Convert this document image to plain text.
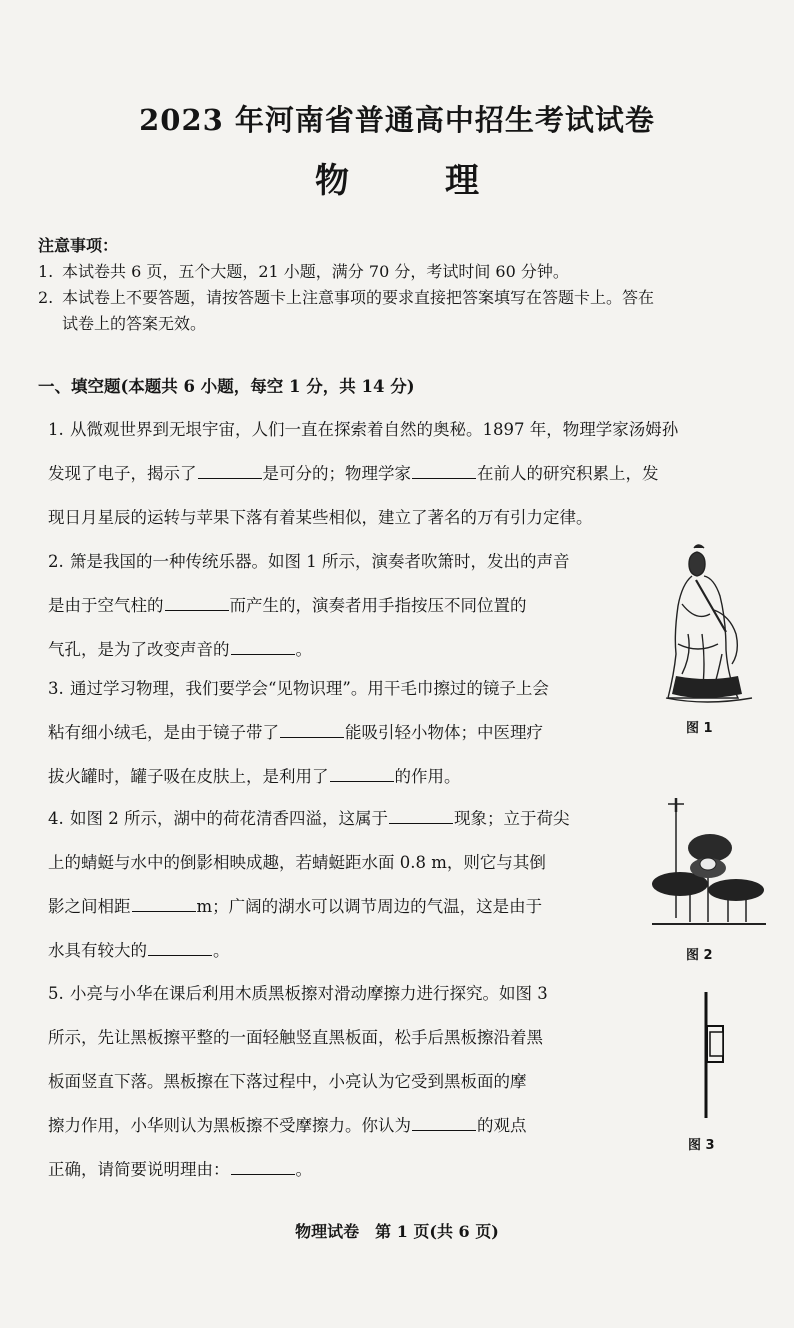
2023 年河南省普通高中招生考试试卷
物理
注意事项：
1. 本试卷共 6 页，五个大题，21 小题，满分 70 分，考试时间 60 分钟。
2. 本试卷上不要答题，请按答题卡上注意事项的要求直接把答案填写在答题卡上。答在
试卷上的答案无效。
一、填空题(本题共 6 小题，每空 1 分，共 14 分)
1. 从微观世界到无垠宇宙，人们一直在探索着自然的奥秘。1897 年，物理学家汤姆孙
发现了电子，揭示了	是可分的；物理学家	在前人的研究积累上，发
现日月星辰的运转与苹果下落有着某些相似，建立了著名的万有引力定律。
2. 箫是我国的一种传统乐器。如图 1 所示，演奏者吹箫时，发出的声音
是由于空气柱的	而产生的，演奏者用手指按压不同位置的
气孔，是为了改变声音的	。
3. 通过学习物理，我们要学会“见物识理”。用干毛巾擦过的镜子上会
粘有细小绒毛，是由于镜子带了	能吸引轻小物体；中医理疗
拔火罐时，罐子吸在皮肤上，是利用了	的作用。
4. 如图 2 所示，湖中的荷花清香四溢，这属于	现象；立于荷尖
上的蜻蜓与水中的倒影相映成趣，若蜻蜓距水面 0.8 m，则它与其倒
影之间相距	m；广阔的湖水可以调节周边的气温，这是由于
水具有较大的	。
5. 小亮与小华在课后利用木质黑板擦对滑动摩擦力进行探究。如图 3
所示，先让黑板擦平整的一面轻触竖直黑板面，松手后黑板擦沿着黑
板面竖直下落。黑板擦在下落过程中，小亮认为它受到黑板面的摩
擦力作用，小华则认为黑板擦不受摩擦力。你认为	的观点
正确，请简要说明理由：	。
图 1
图 2
图 3
物理试卷　第 1 页(共 6 页)
